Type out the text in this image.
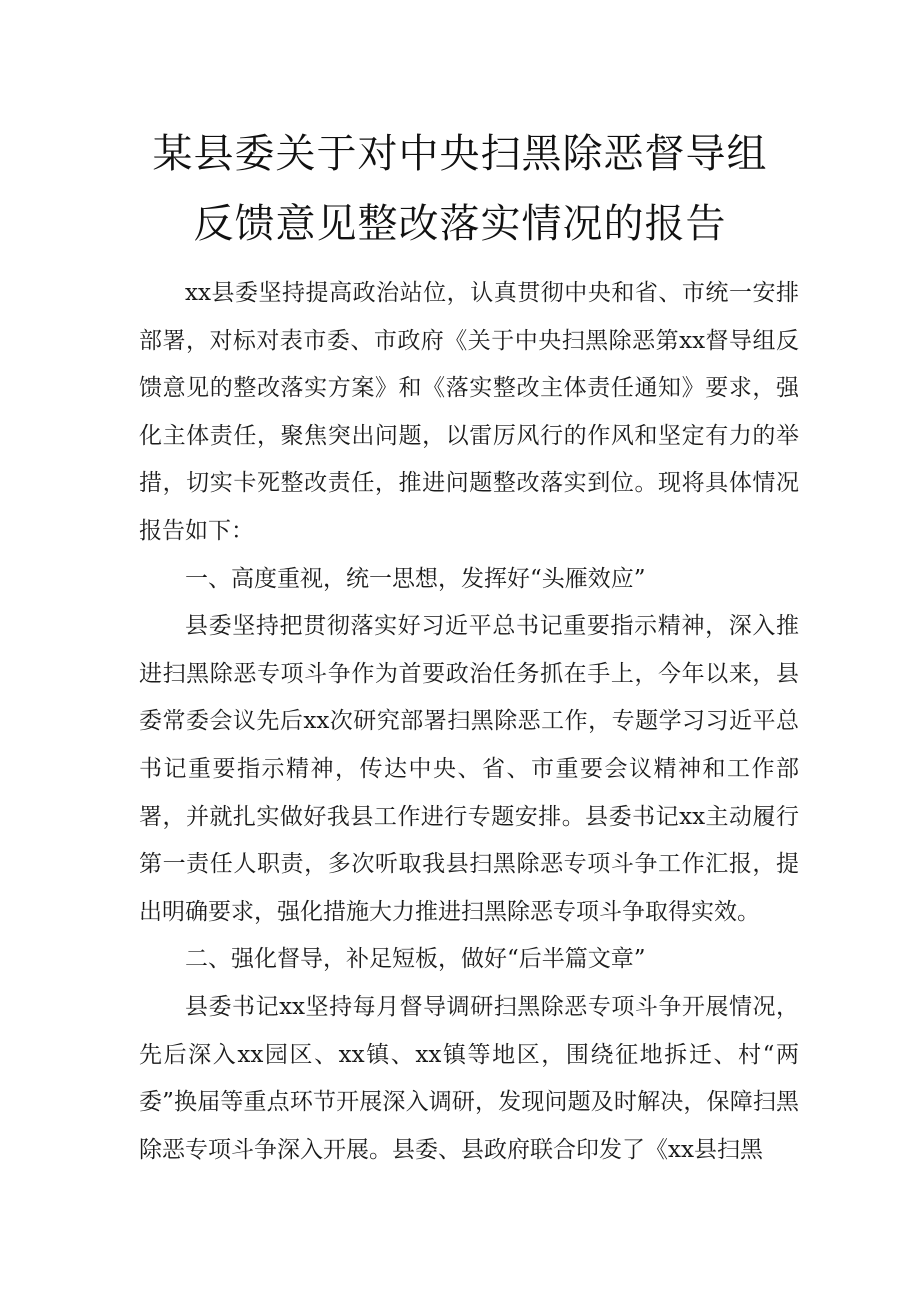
某县委关于对中央扫黑除恶督导组
反馈意见整改落实情况的报告

xx县委坚持提高政治站位，认真贯彻中央和省、市统一安排部署，对标对表市委、市政府《关于中央扫黑除恶第xx督导组反馈意见的整改落实方案》和《落实整改主体责任通知》要求，强化主体责任，聚焦突出问题，以雷厉风行的作风和坚定有力的举措，切实卡死整改责任，推进问题整改落实到位。现将具体情况报告如下：

一、高度重视，统一思想，发挥好“头雁效应”

县委坚持把贯彻落实好习近平总书记重要指示精神，深入推进扫黑除恶专项斗争作为首要政治任务抓在手上，今年以来，县委常委会议先后xx次研究部署扫黑除恶工作，专题学习习近平总书记重要指示精神，传达中央、省、市重要会议精神和工作部署，并就扎实做好我县工作进行专题安排。县委书记xx主动履行第一责任人职责，多次听取我县扫黑除恶专项斗争工作汇报，提出明确要求，强化措施大力推进扫黑除恶专项斗争取得实效。

二、强化督导，补足短板，做好“后半篇文章”

县委书记xx坚持每月督导调研扫黑除恶专项斗争开展情况，先后深入xx园区、xx镇、xx镇等地区，围绕征地拆迁、村“两委”换届等重点环节开展深入调研，发现问题及时解决，保障扫黑除恶专项斗争深入开展。县委、县政府联合印发了《xx县扫黑
